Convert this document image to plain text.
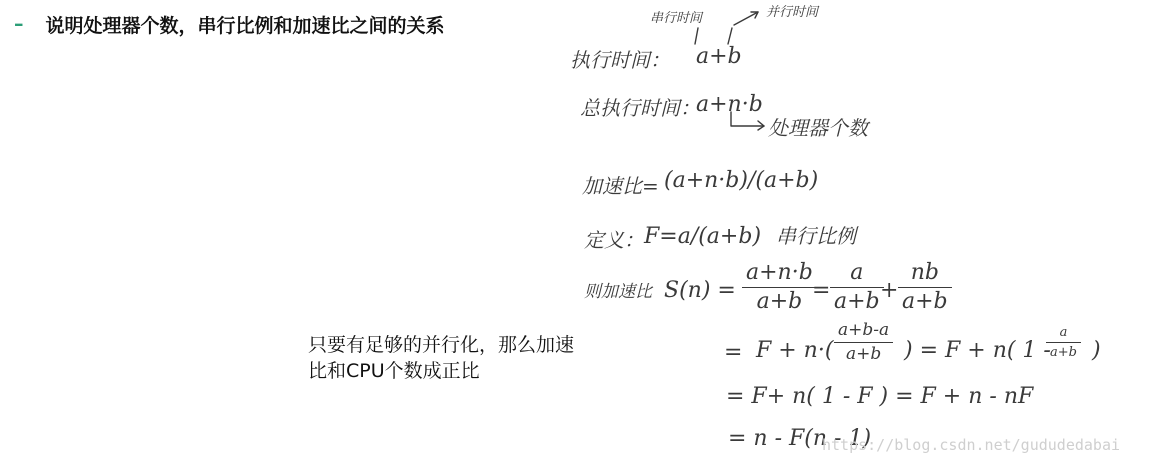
– 说明处理器个数，串行比例和加速比之间的关系	串行时间	并行时间
执行时间： a+b
总执行时间：
a+n·b
处理器个数
加速比= (a+n·b)/(a+b)
定义： F=a/(a+b) 串行比例
则加速比 S(n) =
a+n·b
a+b =
a
a+b +
nb
a+b
= F + n·(
a+b-a
a+b ) = F + n( 1 -
a
a+b )
= F+ n( 1 - F ) = F + n - nF
= n - F(n - 1)
只要有足够的并行化，那么加速
比和CPU个数成正比
https://blog.csdn.net/gududedabai
